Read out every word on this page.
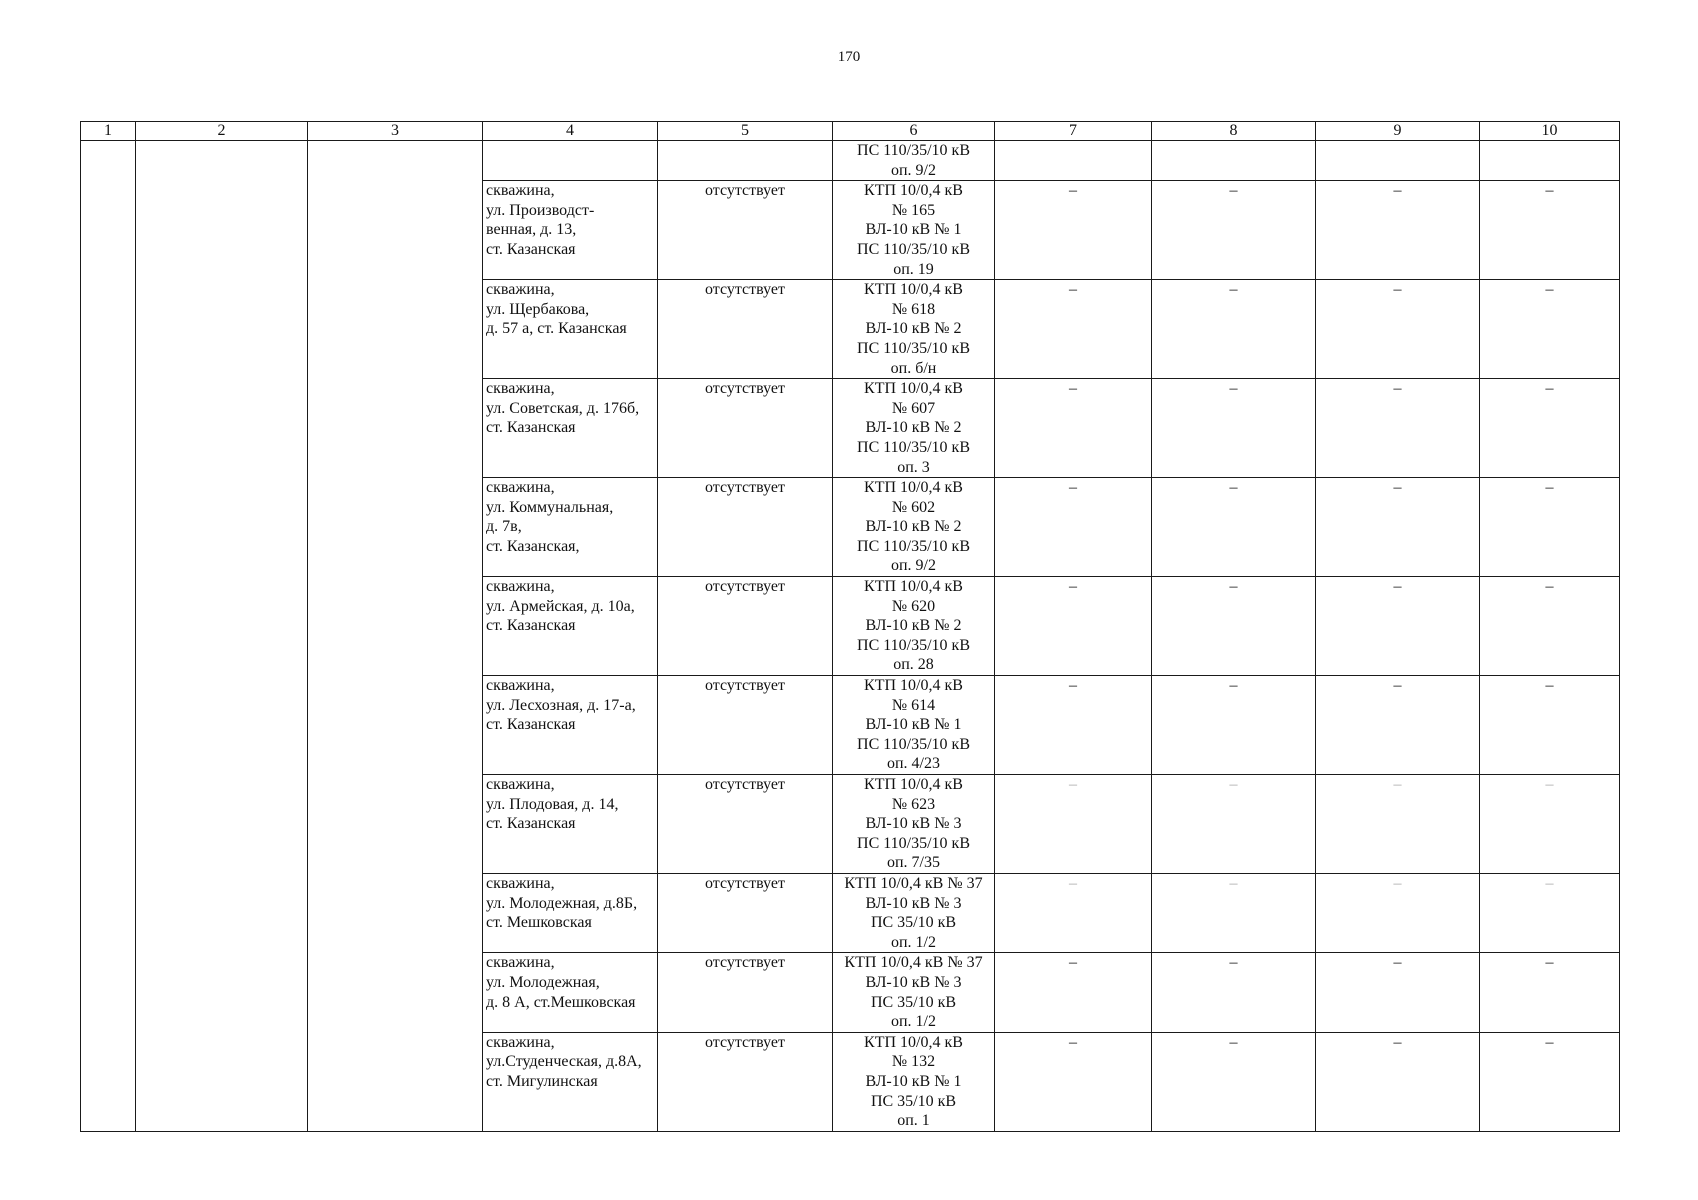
170
1	2	3	4	5	6	7	8	9	10
					ПС 110/35/10 кВ
оп. 9/2				
			скважина,
ул. Производст-
венная, д. 13,
ст. Казанская	отсутствует	КТП 10/0,4 кВ
№ 165
ВЛ-10 кВ № 1
ПС 110/35/10 кВ
оп. 19	–	–	–	–
			скважина,
ул. Щербакова,
д. 57 а, ст. Казанская	отсутствует	КТП 10/0,4 кВ
№ 618
ВЛ-10 кВ № 2
ПС 110/35/10 кВ
оп. б/н	–	–	–	–
			скважина,
ул. Советская, д. 176б,
ст. Казанская	отсутствует	КТП 10/0,4 кВ
№ 607
ВЛ-10 кВ № 2
ПС 110/35/10 кВ
оп. 3	–	–	–	–
			скважина,
ул. Коммунальная,
д. 7в,
ст. Казанская,	отсутствует	КТП 10/0,4 кВ
№ 602
ВЛ-10 кВ № 2
ПС 110/35/10 кВ
оп. 9/2	–	–	–	–
			скважина,
ул. Армейская, д. 10а,
ст. Казанская	отсутствует	КТП 10/0,4 кВ
№ 620
ВЛ-10 кВ № 2
ПС 110/35/10 кВ
оп. 28	–	–	–	–
			скважина,
ул. Лесхозная, д. 17-а,
ст. Казанская	отсутствует	КТП 10/0,4 кВ
№ 614
ВЛ-10 кВ № 1
ПС 110/35/10 кВ
оп. 4/23	–	–	–	–
			скважина,
ул. Плодовая, д. 14,
ст. Казанская	отсутствует	КТП 10/0,4 кВ
№ 623
ВЛ-10 кВ № 3
ПС 110/35/10 кВ
оп. 7/35	–	–	–	–
			скважина,
ул. Молодежная, д.8Б,
ст. Мешковская	отсутствует	КТП 10/0,4 кВ № 37
ВЛ-10 кВ № 3
ПС 35/10 кВ
оп. 1/2	–	–	–	–
			скважина,
ул. Молодежная,
д. 8 А, ст.Мешковская	отсутствует	КТП 10/0,4 кВ № 37
ВЛ-10 кВ № 3
ПС 35/10 кВ
оп. 1/2	–	–	–	–
			скважина,
ул.Студенческая, д.8А,
ст. Мигулинская	отсутствует	КТП 10/0,4 кВ
№ 132
ВЛ-10 кВ № 1
ПС 35/10 кВ
оп. 1	–	–	–	–
